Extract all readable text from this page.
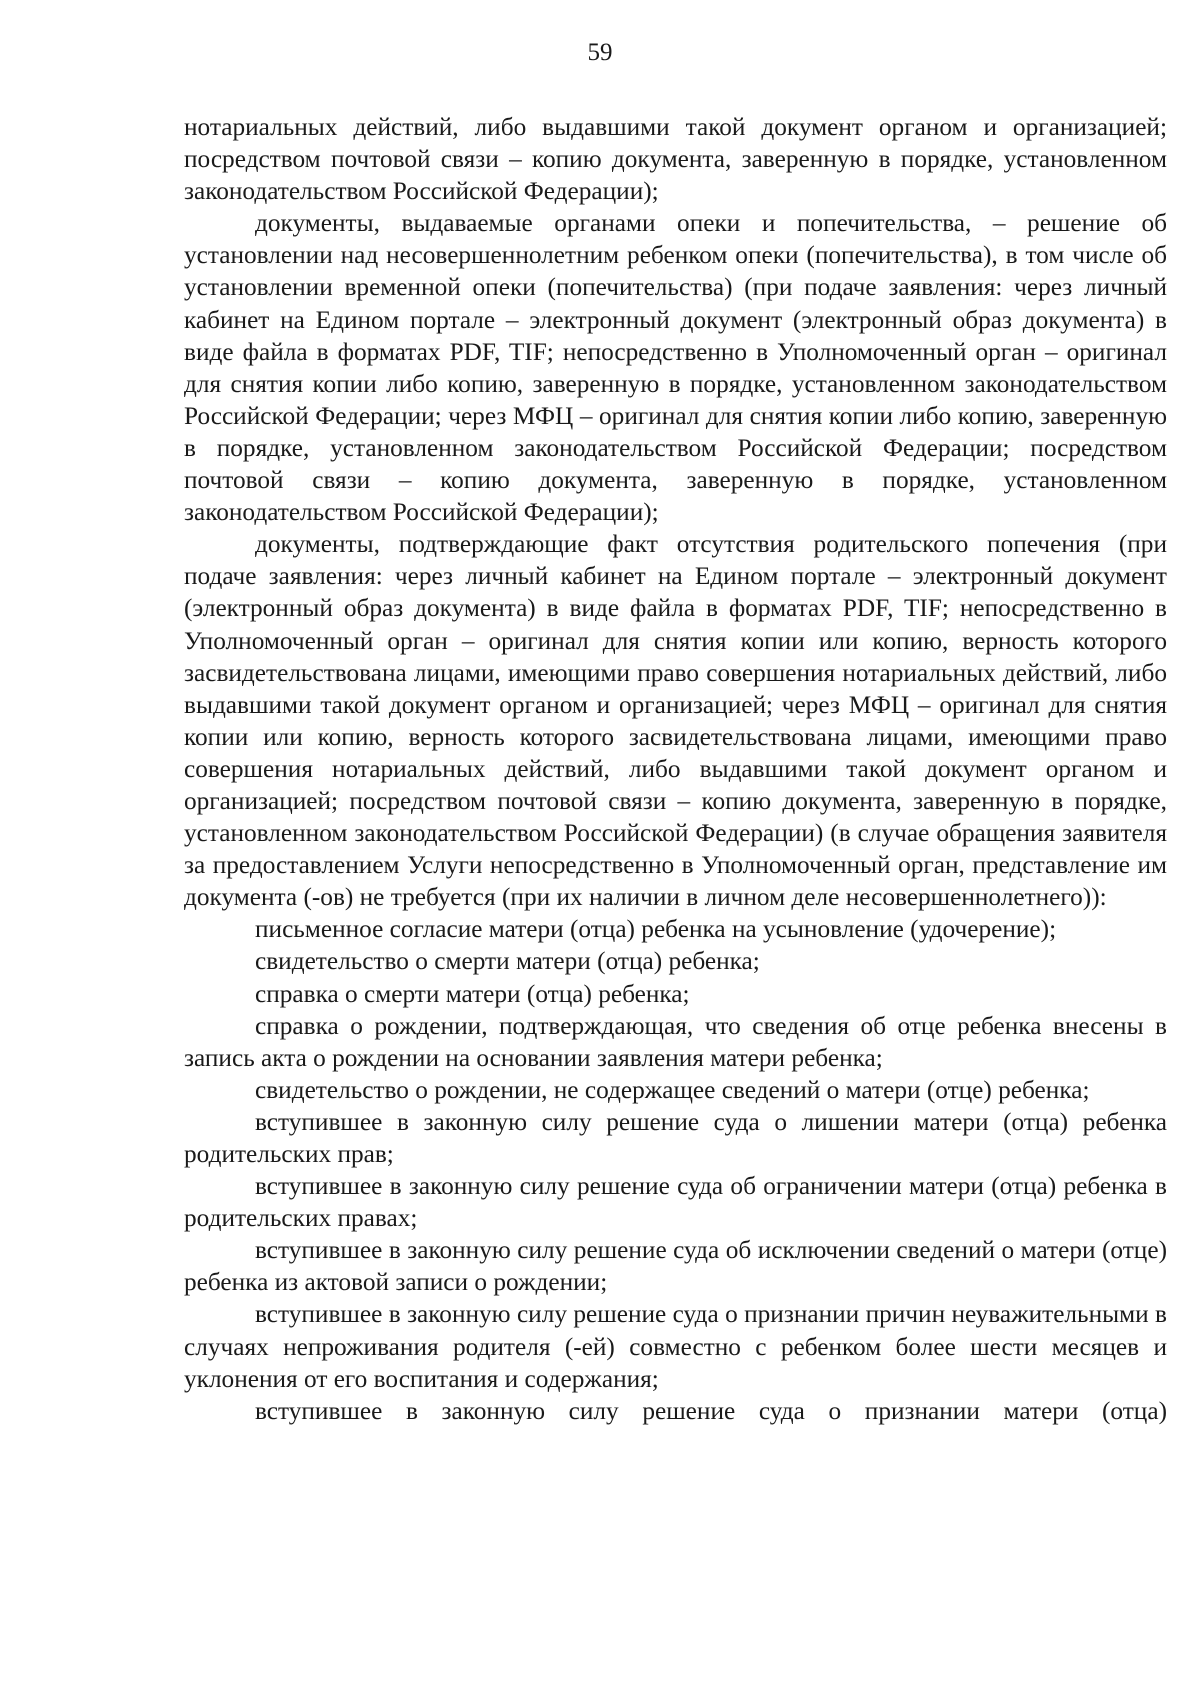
59

нотариальных действий, либо выдавшими такой документ органом и организацией; посредством почтовой связи – копию документа, заверенную в порядке, установленном законодательством Российской Федерации);

документы, выдаваемые органами опеки и попечительства, – решение об установлении над несовершеннолетним ребенком опеки (попечительства), в том числе об установлении временной опеки (попечительства) (при подаче заявления: через личный кабинет на Едином портале – электронный документ (электронный образ документа) в виде файла в форматах PDF, TIF; непосредственно в Уполномоченный орган – оригинал для снятия копии либо копию, заверенную в порядке, установленном законодательством Российской Федерации; через МФЦ – оригинал для снятия копии либо копию, заверенную в порядке, установленном законодательством Российской Федерации; посредством почтовой связи – копию документа, заверенную в порядке, установленном законодательством Российской Федерации);

документы, подтверждающие факт отсутствия родительского попечения (при подаче заявления: через личный кабинет на Едином портале – электронный документ (электронный образ документа) в виде файла в форматах PDF, TIF; непосредственно в Уполномоченный орган – оригинал для снятия копии или копию, верность которого засвидетельствована лицами, имеющими право совершения нотариальных действий, либо выдавшими такой документ органом и организацией; через МФЦ – оригинал для снятия копии или копию, верность которого засвидетельствована лицами, имеющими право совершения нотариальных действий, либо выдавшими такой документ органом и организацией; посредством почтовой связи – копию документа, заверенную в порядке, установленном законодательством Российской Федерации) (в случае обращения заявителя за предоставлением Услуги непосредственно в Уполномоченный орган, представление им документа (-ов) не требуется (при их наличии в личном деле несовершеннолетнего)):

письменное согласие матери (отца) ребенка на усыновление (удочерение);

свидетельство о смерти матери (отца) ребенка;

справка о смерти матери (отца) ребенка;

справка о рождении, подтверждающая, что сведения об отце ребенка внесены в запись акта о рождении на основании заявления матери ребенка;

свидетельство о рождении, не содержащее сведений о матери (отце) ребенка;

вступившее в законную силу решение суда о лишении матери (отца) ребенка родительских прав;

вступившее в законную силу решение суда об ограничении матери (отца) ребенка в родительских правах;

вступившее в законную силу решение суда об исключении сведений о матери (отце) ребенка из актовой записи о рождении;

вступившее в законную силу решение суда о признании причин неуважительными в случаях непроживания родителя (-ей) совместно с ребенком более шести месяцев и уклонения от его воспитания и содержания;

вступившее в законную силу решение суда о признании матери (отца)
